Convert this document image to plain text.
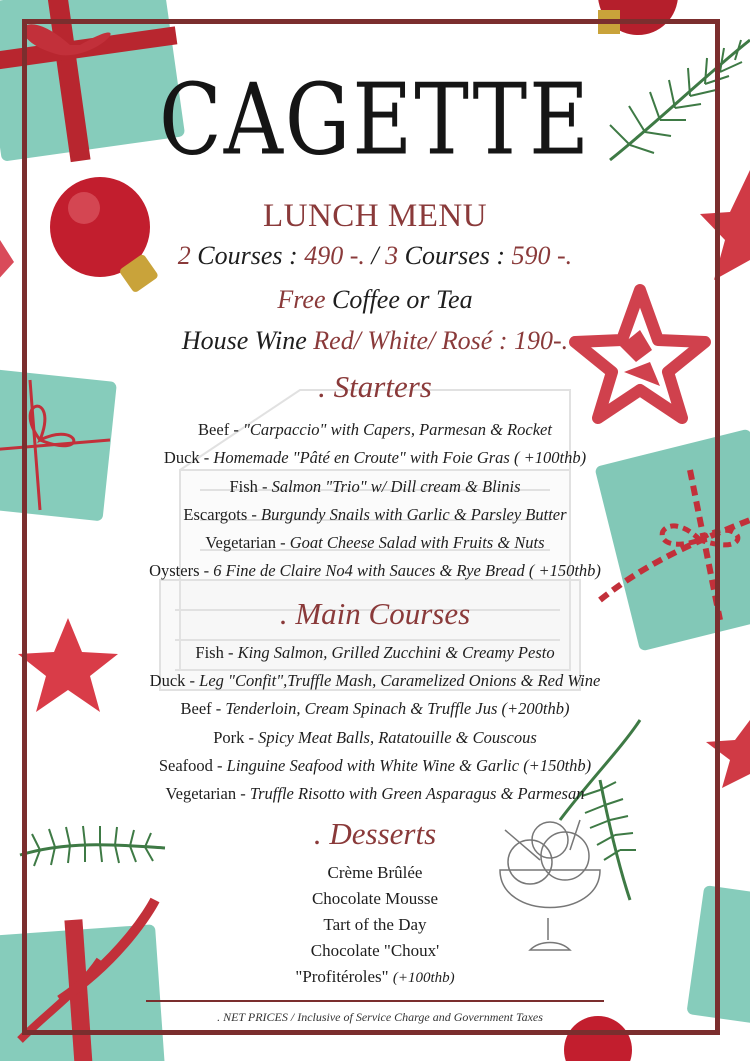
CAGETTE
LUNCH MENU
2 Courses : 490 -. / 3 Courses : 590 -.
Free Coffee or Tea
House Wine Red/ White/ Rosé : 190-.
. Starters
Beef - "Carpaccio" with Capers, Parmesan & Rocket
Duck - Homemade "Pâté en Croute" with Foie Gras ( +100thb)
Fish - Salmon "Trio" w/ Dill cream & Blinis
Escargots - Burgundy Snails with Garlic & Parsley Butter
Vegetarian - Goat Cheese Salad with Fruits & Nuts
Oysters - 6 Fine de Claire No4 with Sauces & Rye Bread ( +150thb)
. Main Courses
Fish - King Salmon, Grilled Zucchini & Creamy Pesto
Duck - Leg "Confit",Truffle Mash, Caramelized Onions & Red Wine
Beef - Tenderloin, Cream Spinach & Truffle Jus (+200thb)
Pork - Spicy Meat Balls, Ratatouille & Couscous
Seafood - Linguine Seafood with White Wine & Garlic (+150thb)
Vegetarian - Truffle Risotto with Green Asparagus & Parmesan
. Desserts
Crème Brûlée
Chocolate Mousse
Tart of the Day
Chocolate "Choux'
"Profitéroles" (+100thb)
. NET PRICES / Inclusive of Service Charge and Government Taxes
